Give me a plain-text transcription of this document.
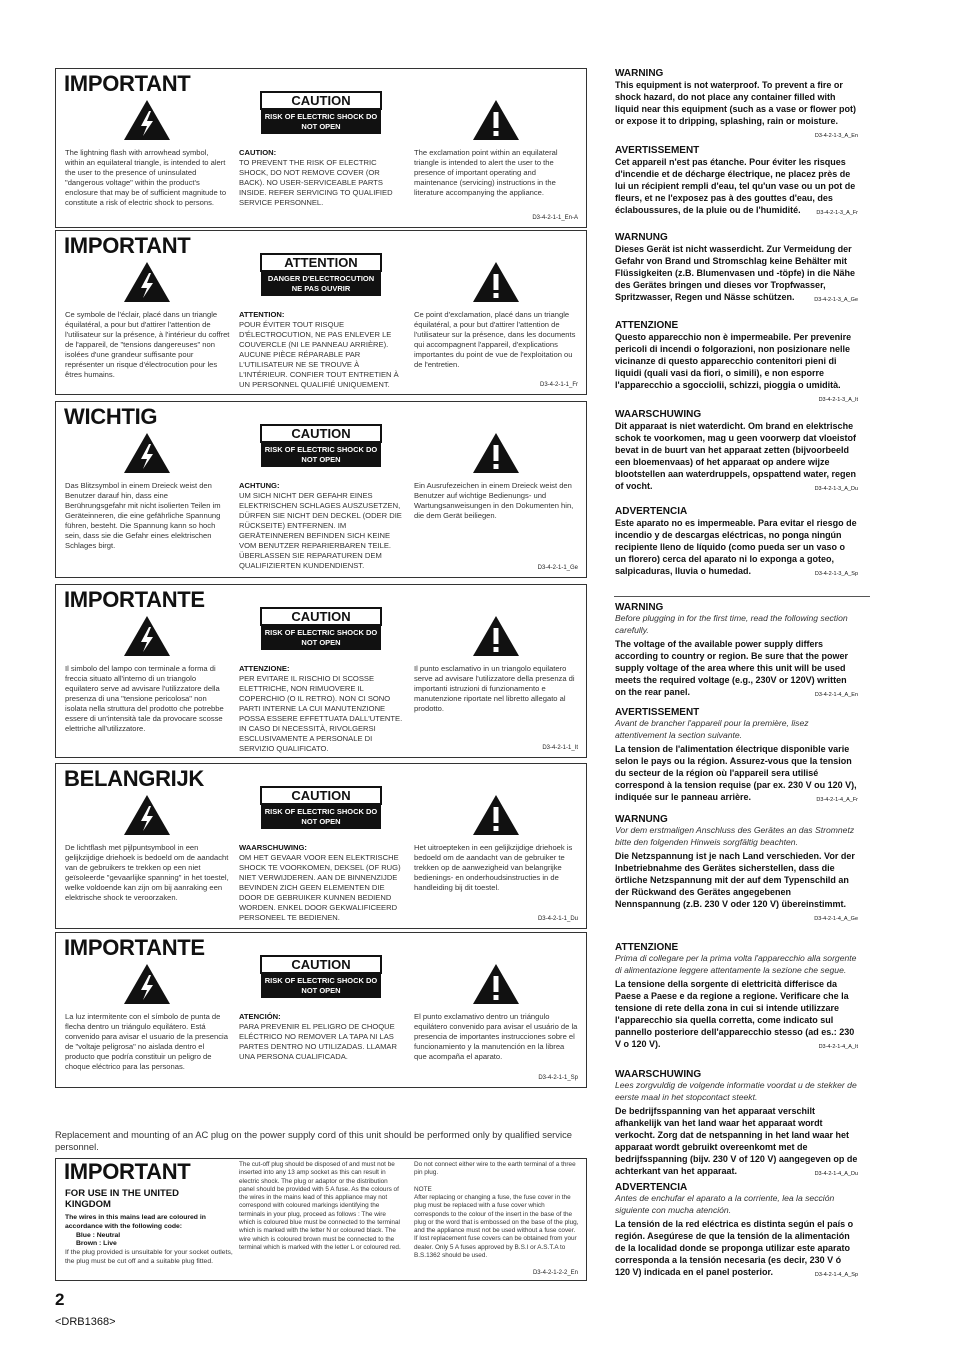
IMPORTANT
CAUTION
RISK OF ELECTRIC SHOCK DO NOT OPEN
The lightning flash with arrowhead symbol, within an equilateral triangle, is intended to alert the user to the presence of uninsulated "dangerous voltage" within the product's enclosure that may be of sufficient magnitude to constitute a risk of electric shock to persons.
CAUTION:
TO PREVENT THE RISK OF ELECTRIC SHOCK, DO NOT REMOVE COVER (OR BACK). NO USER-SERVICEABLE PARTS INSIDE. REFER SERVICING TO QUALIFIED SERVICE PERSONNEL.
The exclamation point within an equilateral triangle is intended to alert the user to the presence of important operating and maintenance (servicing) instructions in the literature accompanying the appliance.
D3-4-2-1-1_En-A
IMPORTANT
ATTENTION
DANGER D'ELECTROCUTION NE PAS OUVRIR
Ce symbole de l'éclair, placé dans un triangle équilatéral, a pour but d'attirer l'attention de l'utilisateur sur la présence, à l'intérieur du coffret de l'appareil, de "tensions dangereuses" non isolées d'une grandeur suffisante pour représenter un risque d'électrocution pour les êtres humains.
ATTENTION:
POUR ÉVITER TOUT RISQUE D'ÉLECTROCUTION, NE PAS ENLEVER LE COUVERCLE (NI LE PANNEAU ARRIÈRE). AUCUNE PIÈCE RÉPARABLE PAR L'UTILISATEUR NE SE TROUVE À L'INTÉRIEUR. CONFIER TOUT ENTRETIEN À UN PERSONNEL QUALIFIÉ UNIQUEMENT.
Ce point d'exclamation, placé dans un triangle équilatéral, a pour but d'attirer l'attention de l'utilisateur sur la présence, dans les documents qui accompagnent l'appareil, d'explications importantes du point de vue de l'exploitation ou de l'entretien.
D3-4-2-1-1_Fr
WICHTIG
CAUTION
RISK OF ELECTRIC SHOCK DO NOT OPEN
Das Blitzsymbol in einem Dreieck weist den Benutzer darauf hin, dass eine Berührungsgefahr mit nicht isolierten Teilen im Geräteinneren, die eine gefährliche Spannung führen, besteht. Die Spannung kann so hoch sein, dass sie die Gefahr eines elektrischen Schlages birgt.
ACHTUNG:
UM SICH NICHT DER GEFAHR EINES ELEKTRISCHEN SCHLAGES AUSZUSETZEN, DÜRFEN SIE NICHT DEN DECKEL (ODER DIE RÜCKSEITE) ENTFERNEN. IM GERÄTEINNEREN BEFINDEN SICH KEINE VOM BENUTZER REPARIERBAREN TEILE. ÜBERLASSEN SIE REPARATUREN DEM QUALIFIZIERTEN KUNDENDIENST.
Ein Ausrufezeichen in einem Dreieck weist den Benutzer auf wichtige Bedienungs- und Wartungsanweisungen in den Dokumenten hin, die dem Gerät beiliegen.
D3-4-2-1-1_Ge
IMPORTANTE
CAUTION
RISK OF ELECTRIC SHOCK DO NOT OPEN
Il simbolo del lampo con terminale a forma di freccia situato all'interno di un triangolo equilatero serve ad avvisare l'utilizzatore della presenza di una "tensione pericolosa" non isolata nella struttura del prodotto che potrebbe essere di un'intensità tale da provocare scosse elettriche all'utilizzatore.
ATTENZIONE:
PER EVITARE IL RISCHIO DI SCOSSE ELETTRICHE, NON RIMUOVERE IL COPERCHIO (O IL RETRO). NON CI SONO PARTI INTERNE LA CUI MANUTENZIONE POSSA ESSERE EFFETTUATA DALL'UTENTE. IN CASO DI NECESSITÀ, RIVOLGERSI ESCLUSIVAMENTE A PERSONALE DI SERVIZIO QUALIFICATO.
Il punto esclamativo in un triangolo equilatero serve ad avvisare l'utilizzatore della presenza di importanti istruzioni di funzionamento e manutenzione riportate nel libretto allegato al prodotto.
D3-4-2-1-1_It
BELANGRIJK
CAUTION
RISK OF ELECTRIC SHOCK DO NOT OPEN
De lichtflash met pijlpuntsymbool in een gelijkzijdige driehoek is bedoeld om de aandacht van de gebruikers te trekken op een niet geïsoleerde "gevaarlijke spanning" in het toestel, welke voldoende kan zijn om bij aanraking een elektrische shock te veroorzaken.
WAARSCHUWING:
OM HET GEVAAR VOOR EEN ELEKTRISCHE SHOCK TE VOORKOMEN, DEKSEL (OF RUG) NIET VERWIJDEREN. AAN DE BINNENZIJDE BEVINDEN ZICH GEEN ELEMENTEN DIE DOOR DE GEBRUIKER KUNNEN BEDIEND WORDEN. ENKEL DOOR GEKWALIFICEERD PERSONEEL TE BEDIENEN.
Het uitroepteken in een gelijkzijdige driehoek is bedoeld om de aandacht van de gebruiker te trekken op de aanwezigheid van belangrijke bedienings- en onderhoudsinstructies in de handleiding bij dit toestel.
D3-4-2-1-1_Du
IMPORTANTE
CAUTION
RISK OF ELECTRIC SHOCK DO NOT OPEN
La luz intermitente con el símbolo de punta de flecha dentro un triángulo equilátero. Está convenido para avisar el usuario de la presencia de "voltaje peligrosa" no aislada dentro el producto que podría constituir un peligro de choque eléctrico para las personas.
ATENCIÓN:
PARA PREVENIR EL PELIGRO DE CHOQUE ELÉCTRICO NO REMOVER LA TAPA NI LAS PARTES DENTRO NO UTILIZADAS. LLAMAR UNA PERSONA CUALIFICADA.
El punto exclamativo dentro un triángulo equilátero convenido para avisar el usuário de la presencia de importantes instrucciones sobre el funcionamiento y la manutención en la librea que acompaña el aparato.
D3-4-2-1-1_Sp
Replacement and mounting of an AC plug on the power supply cord of this unit should be performed only by qualified service personnel.
IMPORTANT
FOR USE IN THE UNITED KINGDOM
The wires in this mains lead are coloured in accordance with the following code:
Blue : Neutral
Brown : Live
If the plug provided is unsuitable for your socket outlets, the plug must be cut off and a suitable plug fitted.
The cut-off plug should be disposed of and must not be inserted into any 13 amp socket as this can result in electric shock. The plug or adaptor or the distribution panel should be provided with 5 A fuse. As the colours of the wires in the mains lead of this appliance may not correspond with coloured markings identifying the terminals in your plug, proceed as follows : The wire which is coloured blue must be connected to the terminal which is marked with the letter N or coloured black. The wire which is coloured brown must be connected to the terminal which is marked with the letter L or coloured red.
Do not connect either wire to the earth terminal of a three pin plug.
NOTE
After replacing or changing a fuse, the fuse cover in the plug must be replaced with a fuse cover which corresponds to the colour of the insert in the base of the plug or the word that is embossed on the base of the plug, and the appliance must not be used without a fuse cover. If lost replacement fuse covers can be obtained from your dealer. Only 5 A fuses approved by B.S.I or A.S.T.A to B.S.1362 should be used.
D3-4-2-1-2-2_En
2
<DRB1368>
WARNING
This equipment is not waterproof. To prevent a fire or shock hazard, do not place any container filled with liquid near this equipment (such as a vase or flower pot) or expose it to dripping, splashing, rain or moisture.
D3-4-2-1-3_A_En
AVERTISSEMENT
Cet appareil n'est pas étanche. Pour éviter les risques d'incendie et de décharge électrique, ne placez près de lui un récipient rempli d'eau, tel qu'un vase ou un pot de fleurs, et ne l'exposez pas à des gouttes d'eau, des éclaboussures, de la pluie ou de l'humidité.	D3-4-2-1-3_A_Fr
WARNUNG
Dieses Gerät ist nicht wasserdicht. Zur Vermeidung der Gefahr von Brand und Stromschlag keine Behälter mit Flüssigkeiten (z.B. Blumenvasen und -töpfe) in die Nähe des Gerätes bringen und dieses vor Tropfwasser, Spritzwasser, Regen und Nässe schützen.	D3-4-2-1-3_A_Ge
ATTENZIONE
Questo apparecchio non è impermeabile. Per prevenire pericoli di incendi o folgorazioni, non posizionare nelle vicinanze di questo apparecchio contenitori pieni di liquidi (quali vasi da fiori, o simili), e non esporre l'apparecchio a sgocciolii, schizzi, pioggia o umidità.
D3-4-2-1-3_A_It
WAARSCHUWING
Dit apparaat is niet waterdicht. Om brand en elektrische schok te voorkomen, mag u geen voorwerp dat vloeistof bevat in de buurt van het apparaat zetten (bijvoorbeeld een bloemenvaas) of het apparaat op andere wijze blootstellen aan waterdruppels, opspattend water, regen of vocht.	D3-4-2-1-3_A_Du
ADVERTENCIA
Este aparato no es impermeable. Para evitar el riesgo de incendio y de descargas eléctricas, no ponga ningún recipiente lleno de líquido (como pueda ser un vaso o un florero) cerca del aparato ni lo exponga a goteo, salpicaduras, lluvia o humedad.	D3-4-2-1-3_A_Sp
WARNING
Before plugging in for the first time, read the following section carefully.
The voltage of the available power supply differs according to country or region. Be sure that the power supply voltage of the area where this unit will be used meets the required voltage (e.g., 230V or 120V) written on the rear panel.	D3-4-2-1-4_A_En
AVERTISSEMENT
Avant de brancher l'appareil pour la première, lisez attentivement la section suivante.
La tension de l'alimentation électrique disponible varie selon le pays ou la région. Assurez-vous que la tension du secteur de la région où l'appareil sera utilisé correspond à la tension requise (par ex. 230 V ou 120 V), indiquée sur le panneau arrière.	D3-4-2-1-4_A_Fr
WARNUNG
Vor dem erstmaligen Anschluss des Gerätes an das Stromnetz bitte den folgenden Hinweis sorgfältig beachten.
Die Netzspannung ist je nach Land verschieden. Vor der Inbetriebnahme des Gerätes sicherstellen, dass die örtliche Netzspannung mit der auf dem Typenschild an der Rückwand des Gerätes angegebenen Nennspannung (z.B. 230 V oder 120 V) übereinstimmt.
D3-4-2-1-4_A_Ge
ATTENZIONE
Prima di collegare per la prima volta l'apparecchio alla sorgente di alimentazione leggere attentamente la sezione che segue.
La tensione della sorgente di elettricità differisce da Paese a Paese e da regione a regione. Verificare che la tensione di rete della zona in cui si intende utilizzare l'apparecchio sia quella corretta, come indicato sul pannello posteriore dell'apparecchio stesso (ad es.: 230 V o 120 V).	D3-4-2-1-4_A_It
WAARSCHUWING
Lees zorgvuldig de volgende informatie voordat u de stekker de eerste maal in het stopcontact steekt.
De bedrijfsspanning van het apparaat verschilt afhankelijk van het land waar het apparaat wordt verkocht. Zorg dat de netspanning in het land waar het apparaat wordt gebruikt overeenkomt met de bedrijfsspanning (bijv. 230 V of 120 V) aangegeven op de achterkant van het apparaat.	D3-4-2-1-4_A_Du
ADVERTENCIA
Antes de enchufar el aparato a la corriente, lea la sección siguiente con mucha atención.
La tensión de la red eléctrica es distinta según el país o región. Asegúrese de que la tensión de la alimentación de la localidad donde se proponga utilizar este aparato corresponda a la tensión necesaria (es decir, 230 V ó 120 V) indicada en el panel posterior.	D3-4-2-1-4_A_Sp
